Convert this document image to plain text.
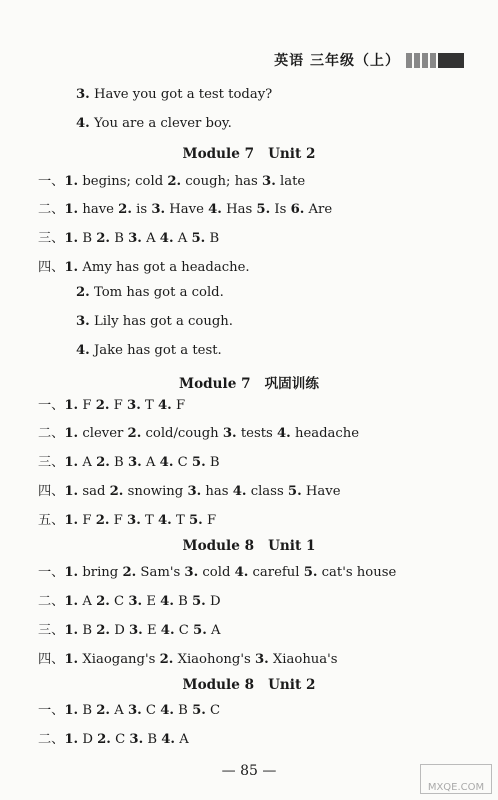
英语 三年级（上）
3. Have you got a test today?
4. You are a clever boy.
Module 7 Unit 2
一、1. begins; cold 2. cough; has 3. late
二、1. have 2. is 3. Have 4. Has 5. Is 6. Are
三、1. B 2. B 3. A 4. A 5. B
四、1. Amy has got a headache.
2. Tom has got a cold.
3. Lily has got a cough.
4. Jake has got a test.
Module 7 巩固训练
一、1. F 2. F 3. T 4. F
二、1. clever 2. cold/cough 3. tests 4. headache
三、1. A 2. B 3. A 4. C 5. B
四、1. sad 2. snowing 3. has 4. class 5. Have
五、1. F 2. F 3. T 4. T 5. F
Module 8 Unit 1
一、1. bring 2. Sam's 3. cold 4. careful 5. cat's house
二、1. A 2. C 3. E 4. B 5. D
三、1. B 2. D 3. E 4. C 5. A
四、1. Xiaogang's 2. Xiaohong's 3. Xiaohua's
Module 8 Unit 2
一、1. B 2. A 3. C 4. B 5. C
二、1. D 2. C 3. B 4. A
— 85 —
MXQE.COM
